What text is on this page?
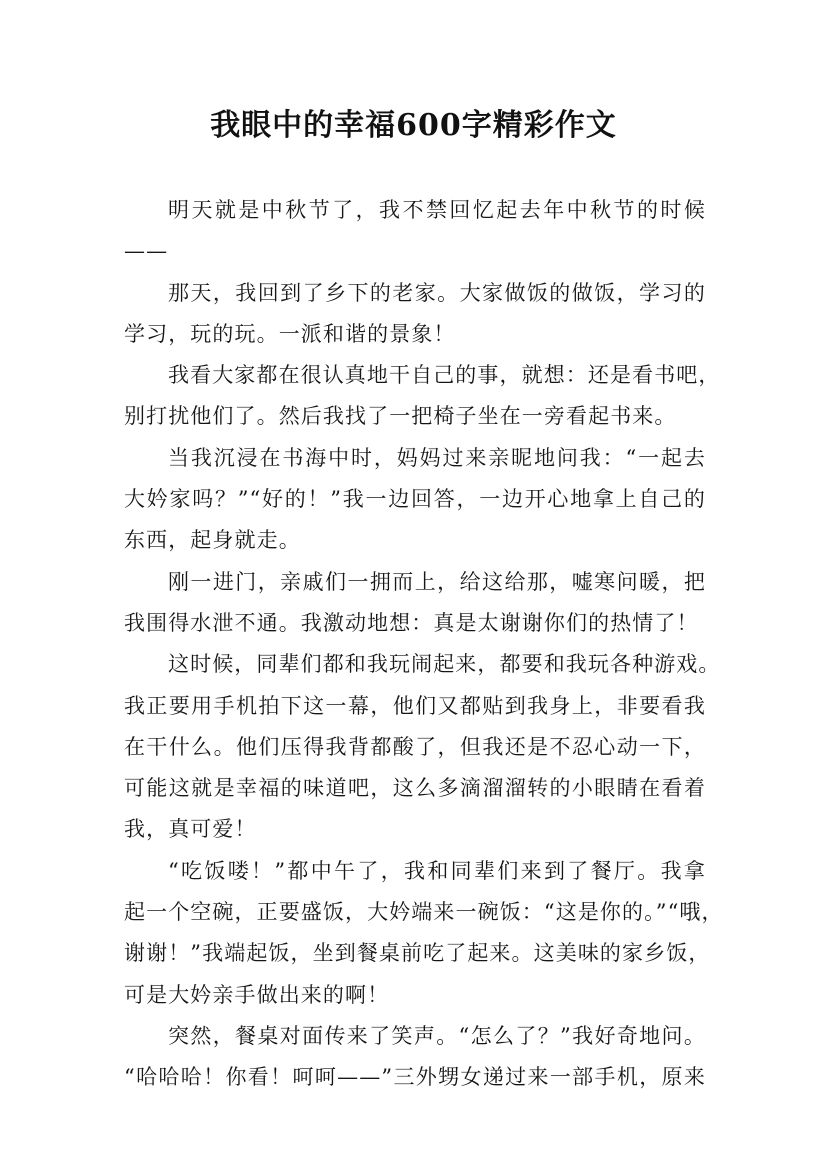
我眼中的幸福600字精彩作文
明天就是中秋节了，我不禁回忆起去年中秋节的时候
——
那天，我回到了乡下的老家。大家做饭的做饭，学习的
学习，玩的玩。一派和谐的景象！
我看大家都在很认真地干自己的事，就想：还是看书吧，
别打扰他们了。然后我找了一把椅子坐在一旁看起书来。
当我沉浸在书海中时，妈妈过来亲昵地问我：“一起去
大妗家吗？”“好的！”我一边回答，一边开心地拿上自己的
东西，起身就走。
刚一进门，亲戚们一拥而上，给这给那，嘘寒问暖，把
我围得水泄不通。我激动地想：真是太谢谢你们的热情了！
这时候，同辈们都和我玩闹起来，都要和我玩各种游戏。
我正要用手机拍下这一幕，他们又都贴到我身上，非要看我
在干什么。他们压得我背都酸了，但我还是不忍心动一下，
可能这就是幸福的味道吧，这么多滴溜溜转的小眼睛在看着
我，真可爱！
“吃饭喽！”都中午了，我和同辈们来到了餐厅。我拿
起一个空碗，正要盛饭，大妗端来一碗饭：“这是你的。”“哦，
谢谢！”我端起饭，坐到餐桌前吃了起来。这美味的家乡饭，
可是大妗亲手做出来的啊！
突然，餐桌对面传来了笑声。“怎么了？”我好奇地问。
“哈哈哈！你看！呵呵——”三外甥女递过来一部手机，原来
